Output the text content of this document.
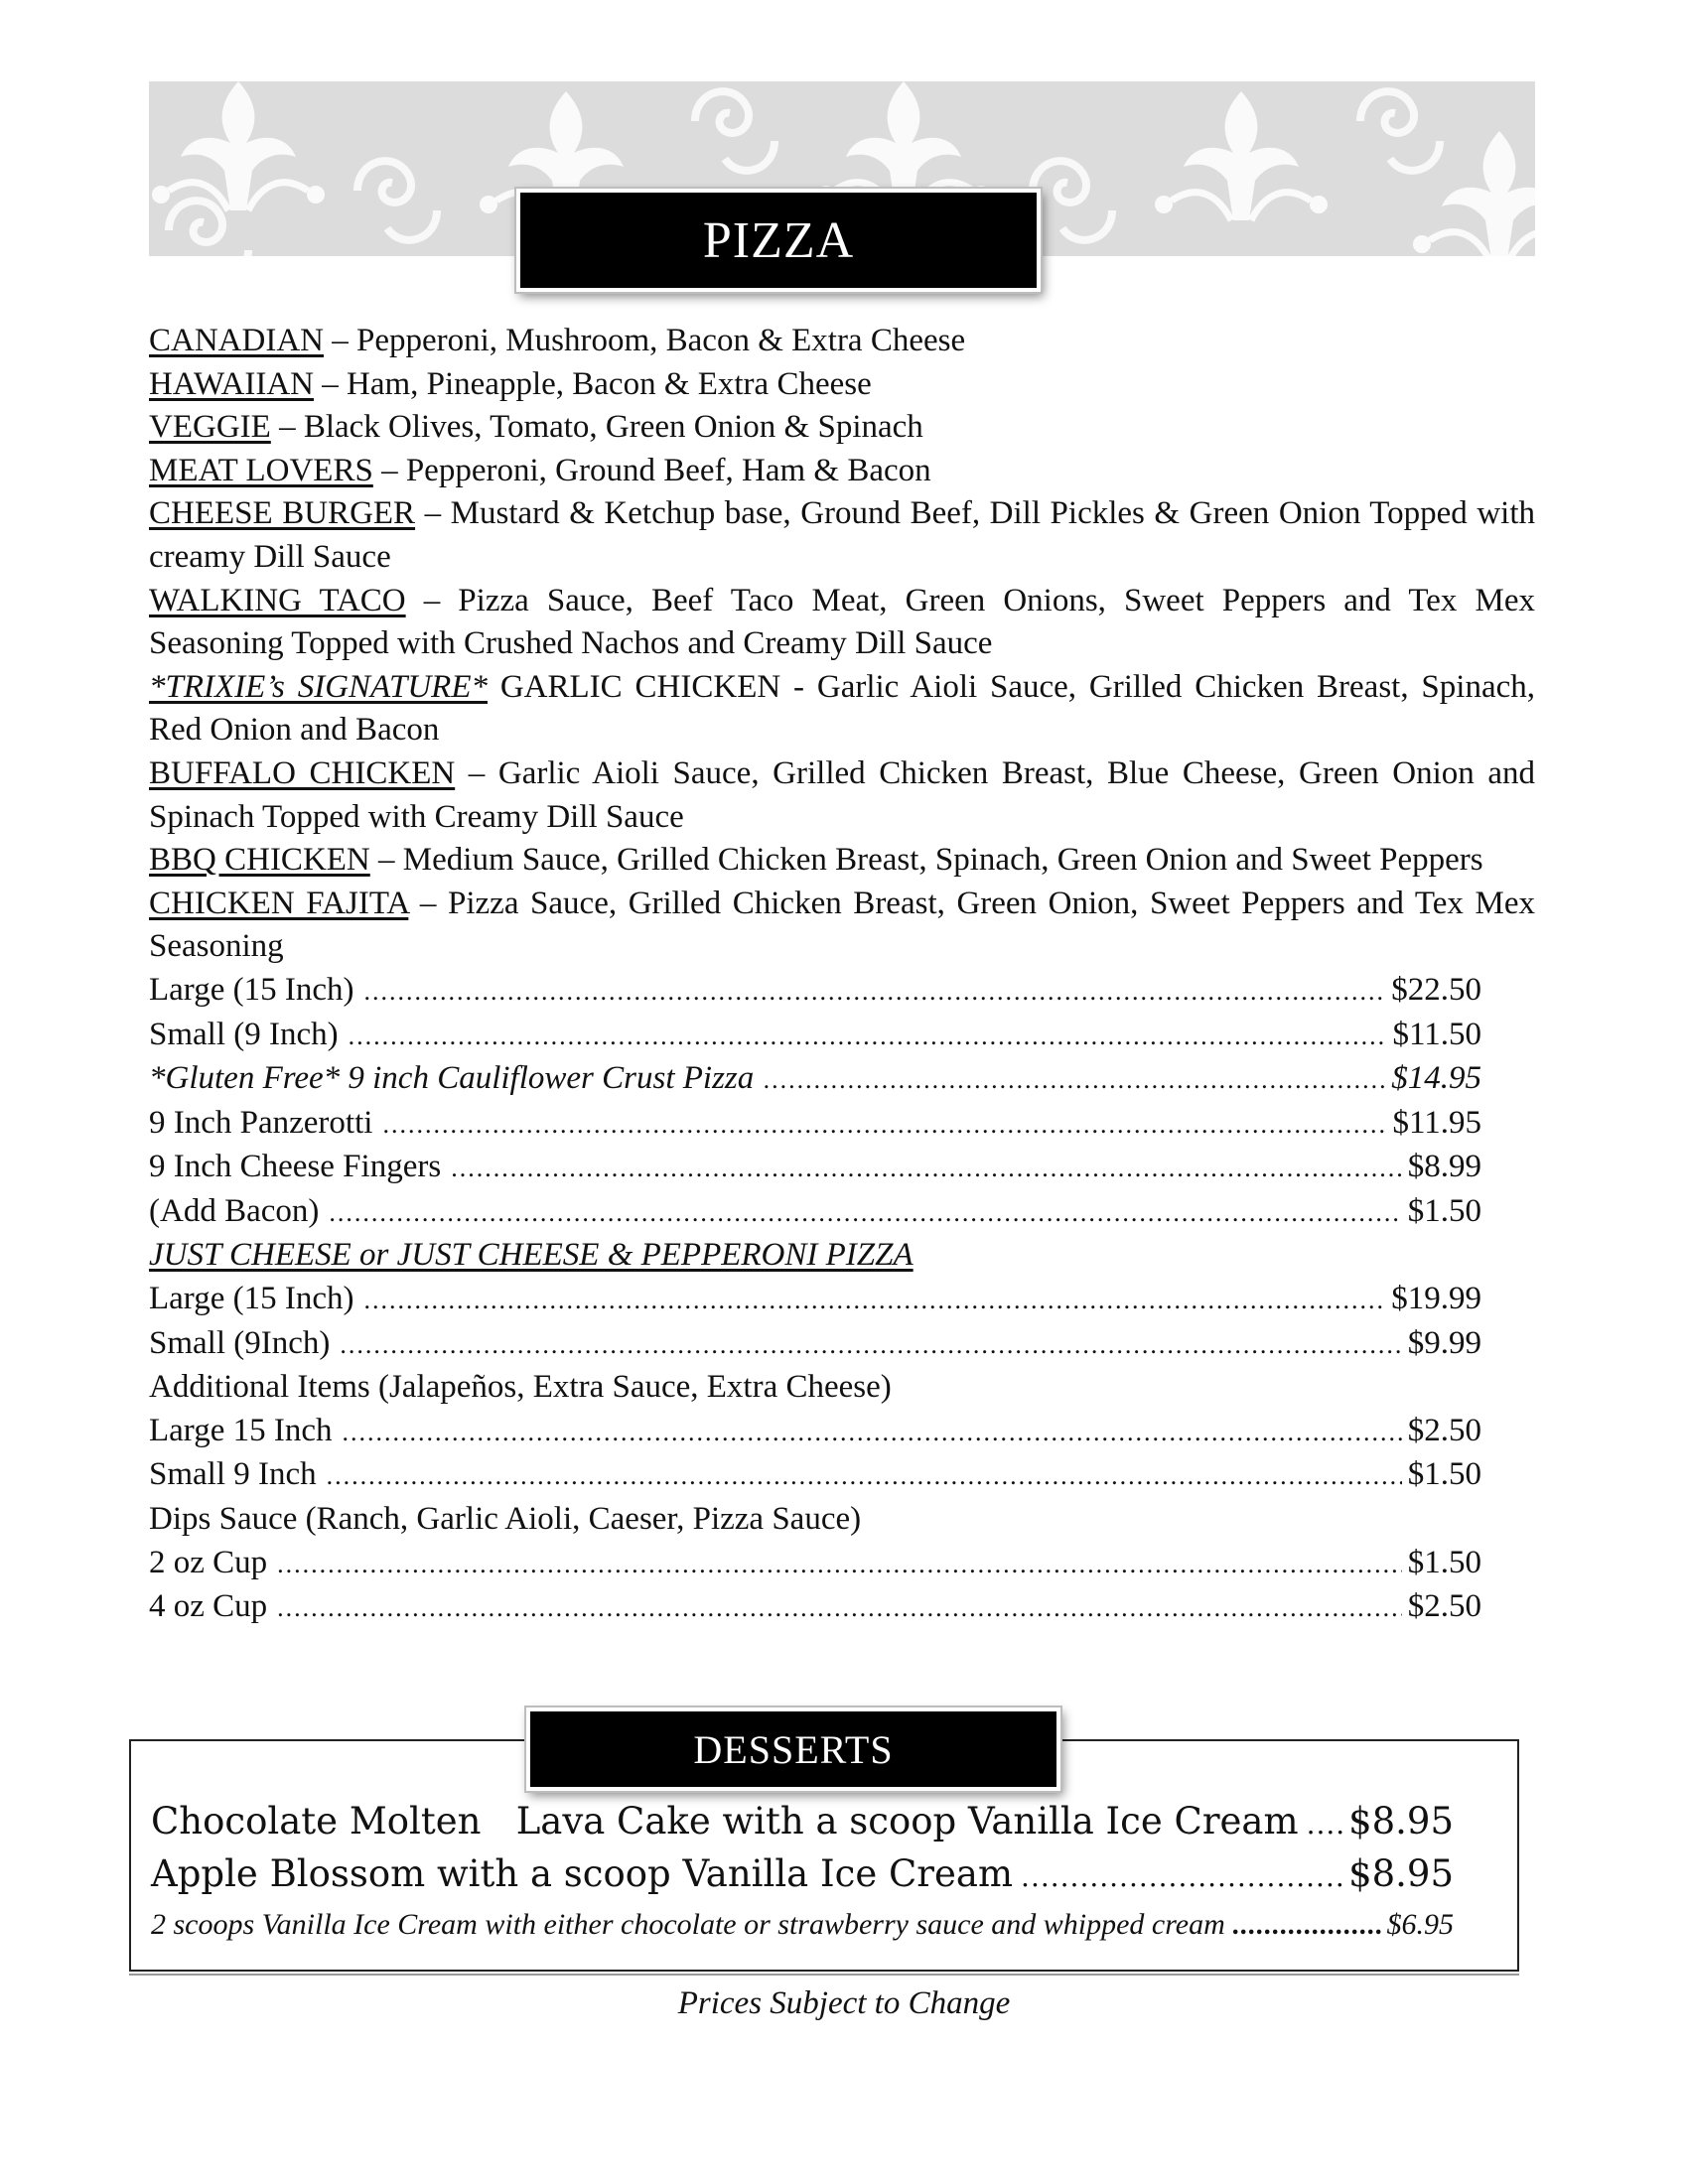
PIZZA

CANADIAN – Pepperoni, Mushroom, Bacon & Extra Cheese

HAWAIIAN – Ham, Pineapple, Bacon & Extra Cheese

VEGGIE – Black Olives, Tomato, Green Onion & Spinach

MEAT LOVERS – Pepperoni, Ground Beef, Ham & Bacon

CHEESE BURGER – Mustard & Ketchup base, Ground Beef, Dill Pickles & Green Onion Topped with creamy Dill Sauce

WALKING TACO – Pizza Sauce, Beef Taco Meat, Green Onions, Sweet Peppers and Tex Mex Seasoning Topped with Crushed Nachos and Creamy Dill Sauce

*TRIXIE’s SIGNATURE* GARLIC CHICKEN - Garlic Aioli Sauce, Grilled Chicken Breast, Spinach, Red Onion and Bacon

BUFFALO CHICKEN – Garlic Aioli Sauce, Grilled Chicken Breast, Blue Cheese, Green Onion and Spinach Topped with Creamy Dill Sauce

BBQ CHICKEN – Medium Sauce, Grilled Chicken Breast, Spinach, Green Onion and Sweet Peppers

CHICKEN FAJITA – Pizza Sauce, Grilled Chicken Breast, Green Onion, Sweet Peppers and Tex Mex Seasoning

Large (15 Inch) .....	$22.50
Small (9 Inch) .....	$11.50
*Gluten Free* 9 inch Cauliflower Crust Pizza .....	$14.95
9 Inch Panzerotti .....	$11.95
9 Inch Cheese Fingers .....	$8.99
(Add Bacon) .....	$1.50
JUST CHEESE or JUST CHEESE & PEPPERONI PIZZA
Large (15 Inch) .....	$19.99
Small (9Inch) .....	$9.99
Additional Items (Jalapeños, Extra Sauce, Extra Cheese)
Large 15 Inch .....	$2.50
Small 9 Inch .....	$1.50
Dips Sauce (Ranch, Garlic Aioli, Caeser, Pizza Sauce)
2 oz Cup .....	$1.50
4 oz Cup .....	$2.50
DESSERTS
Chocolate Molten   Lava Cake with a scoop Vanilla Ice Cream ..... $8.95
Apple Blossom with a scoop Vanilla Ice Cream .....	$8.95
2 scoops Vanilla Ice Cream with either chocolate or strawberry sauce and whipped cream .....	$6.95
Prices Subject to Change
